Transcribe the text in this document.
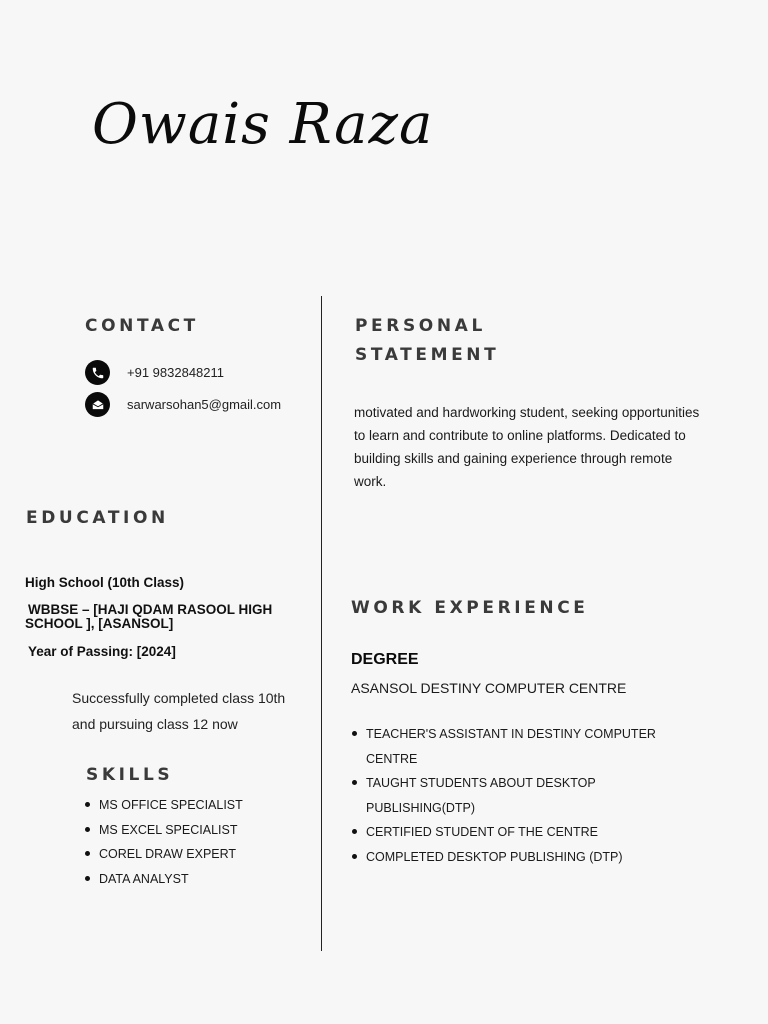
Owais Raza
CONTACT
+91 9832848211
sarwarsohan5@gmail.com
PERSONAL
STATEMENT

motivated and hardworking student, seeking opportunities to learn and contribute to online platforms. Dedicated to building skills and gaining experience through remote work.

EDUCATION

High School (10th Class)

WBBSE – [HAJI QDAM RASOOL HIGH
SCHOOL ], [ASANSOL]

Year of Passing: [2024]

Successfully completed class 10th and pursuing class 12 now

SKILLS
MS OFFICE SPECIALIST
MS EXCEL SPECIALIST
COREL DRAW EXPERT
DATA ANALYST
WORK EXPERIENCE

DEGREE

ASANSOL DESTINY COMPUTER CENTRE

TEACHER'S ASSISTANT IN DESTINY COMPUTER CENTRE
TAUGHT STUDENTS ABOUT DESKTOP PUBLISHING(DTP)
CERTIFIED STUDENT OF THE CENTRE
COMPLETED DESKTOP PUBLISHING (DTP)
